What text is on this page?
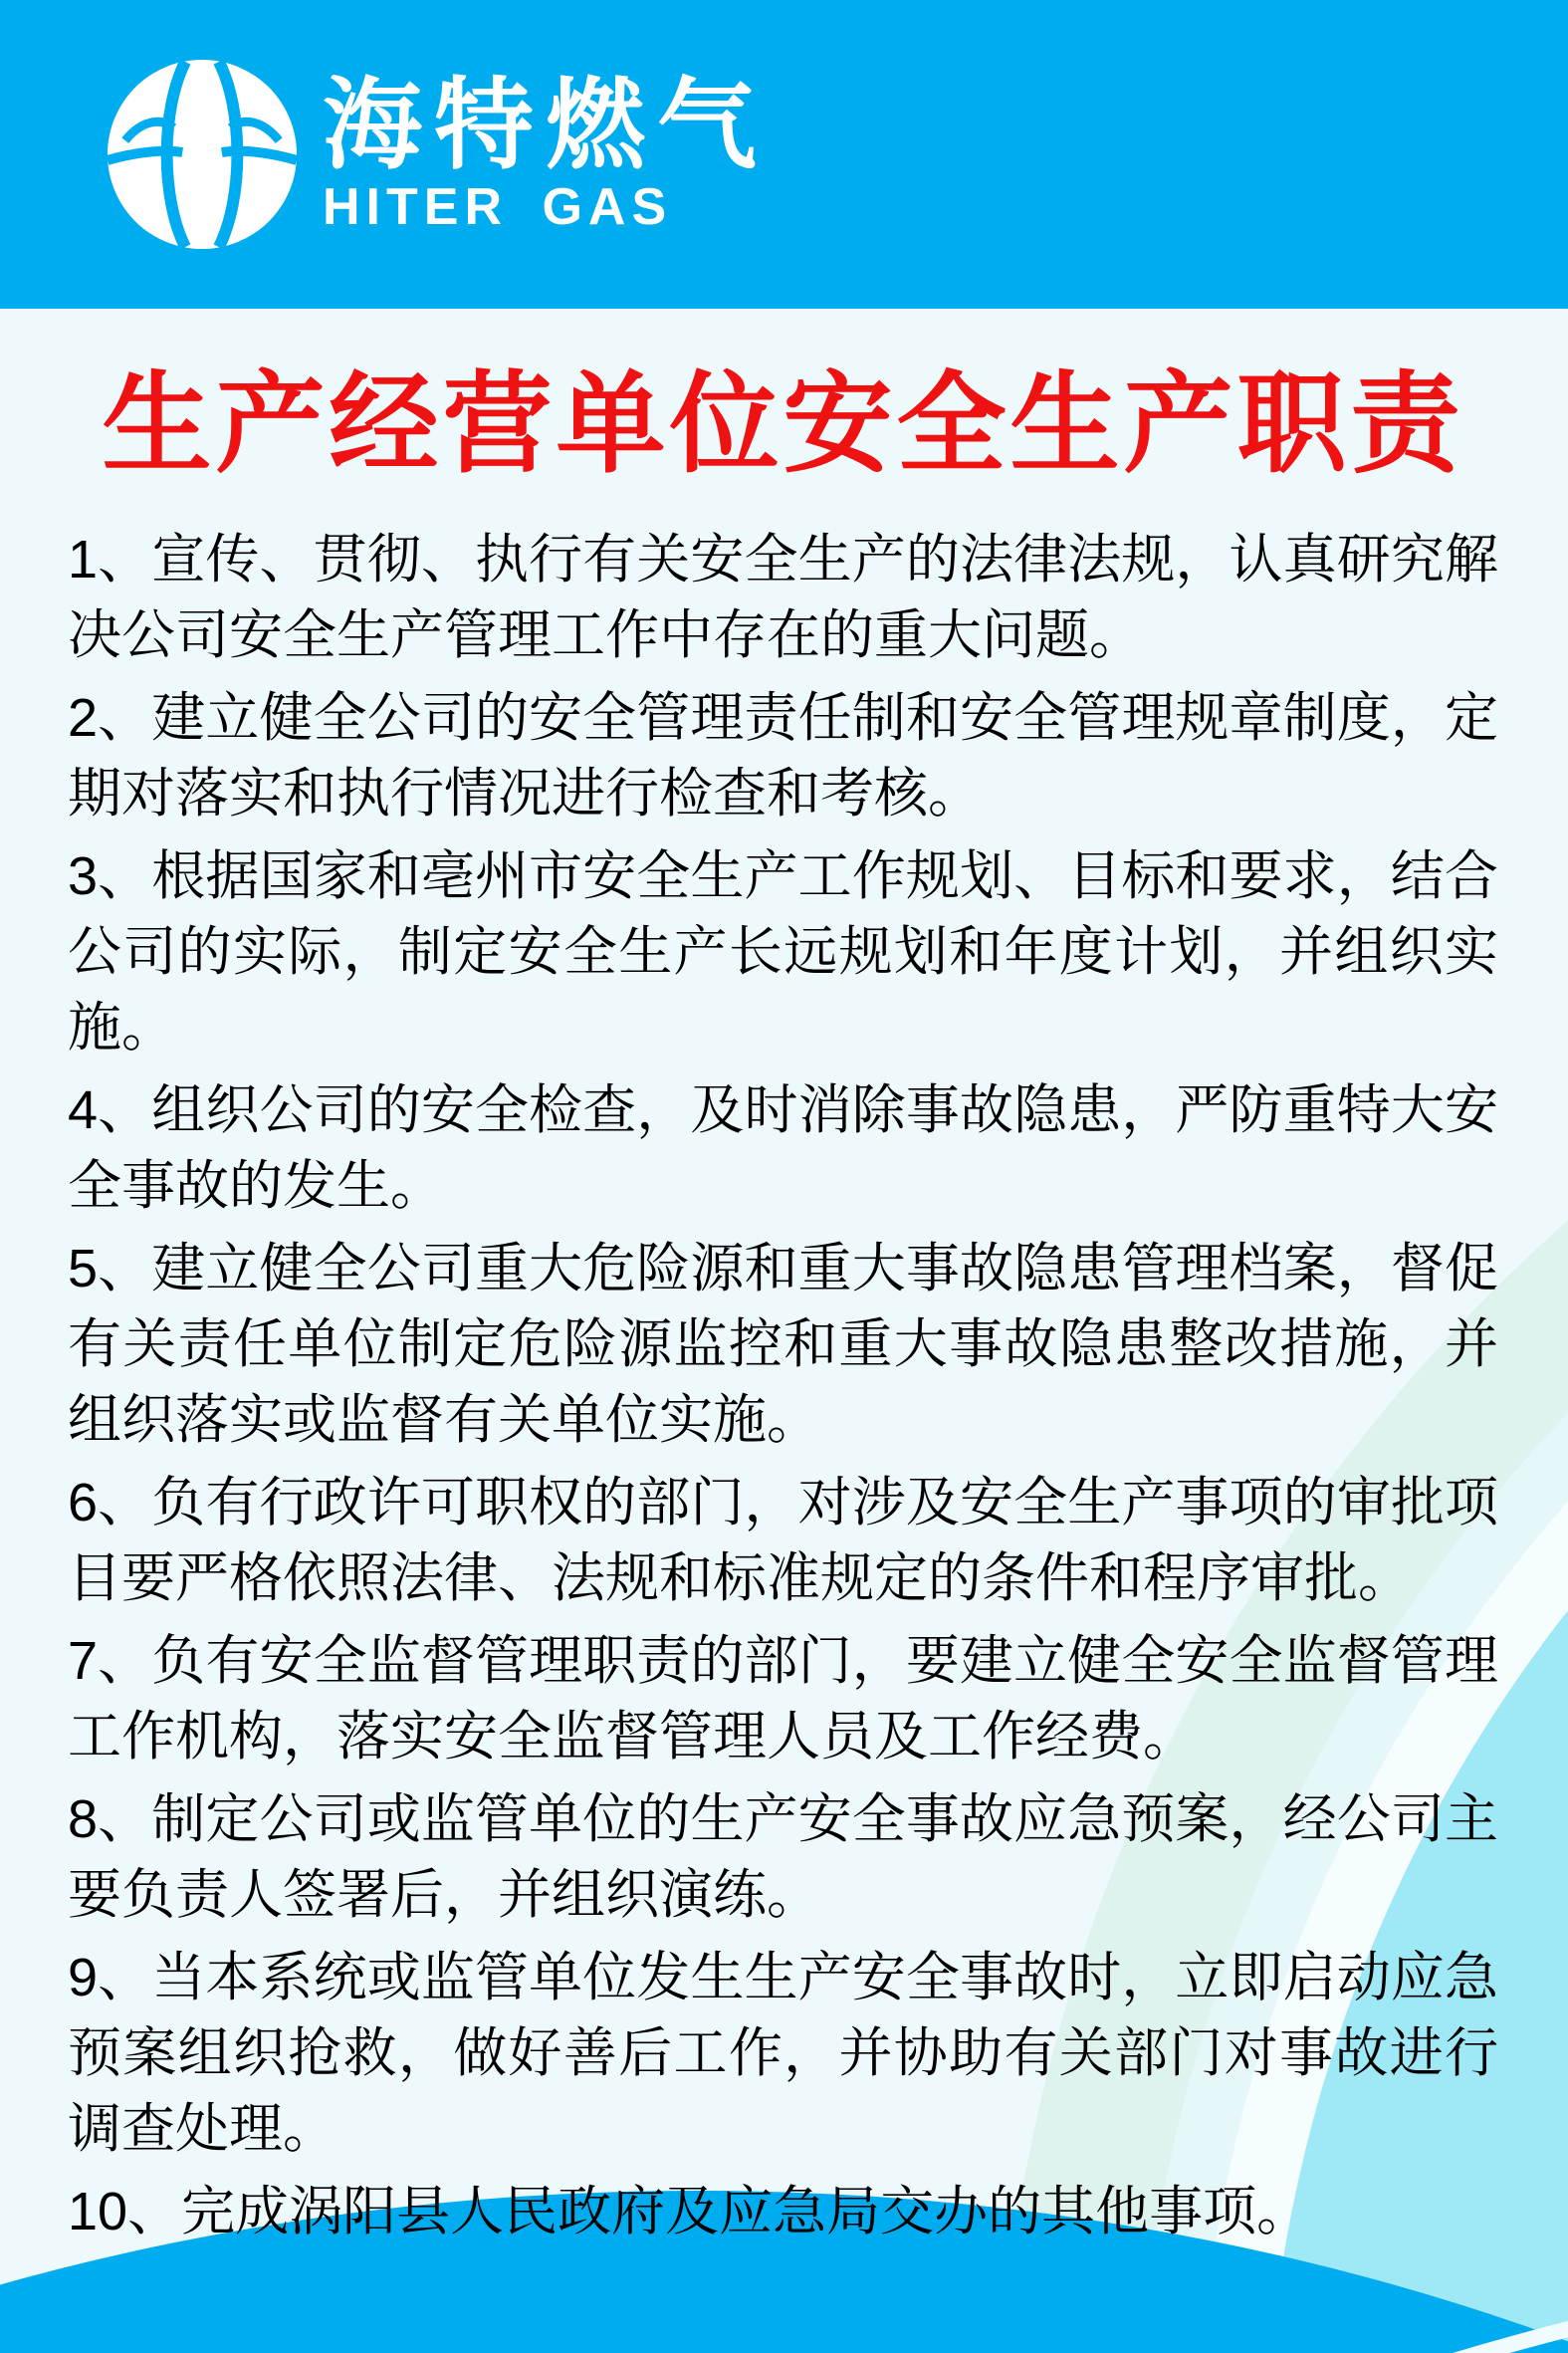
海特燃气
HITER GAS
生产经营单位安全生产职责
1、宣传、贯彻、执行有关安全生产的法律法规，认真研究解决公司安全生产管理工作中存在的重大问题。
2、建立健全公司的安全管理责任制和安全管理规章制度，定期对落实和执行情况进行检查和考核。
3、根据国家和亳州市安全生产工作规划、目标和要求，结合公司的实际，制定安全生产长远规划和年度计划，并组织实施。
4、组织公司的安全检查，及时消除事故隐患，严防重特大安全事故的发生。
5、建立健全公司重大危险源和重大事故隐患管理档案，督促有关责任单位制定危险源监控和重大事故隐患整改措施，并组织落实或监督有关单位实施。
6、负有行政许可职权的部门，对涉及安全生产事项的审批项目要严格依照法律、法规和标准规定的条件和程序审批。
7、负有安全监督管理职责的部门，要建立健全安全监督管理工作机构，落实安全监督管理人员及工作经费。
8、制定公司或监管单位的生产安全事故应急预案，经公司主要负责人签署后，并组织演练。
9、当本系统或监管单位发生生产安全事故时，立即启动应急预案组织抢救，做好善后工作，并协助有关部门对事故进行调查处理。
10、完成涡阳县人民政府及应急局交办的其他事项。
